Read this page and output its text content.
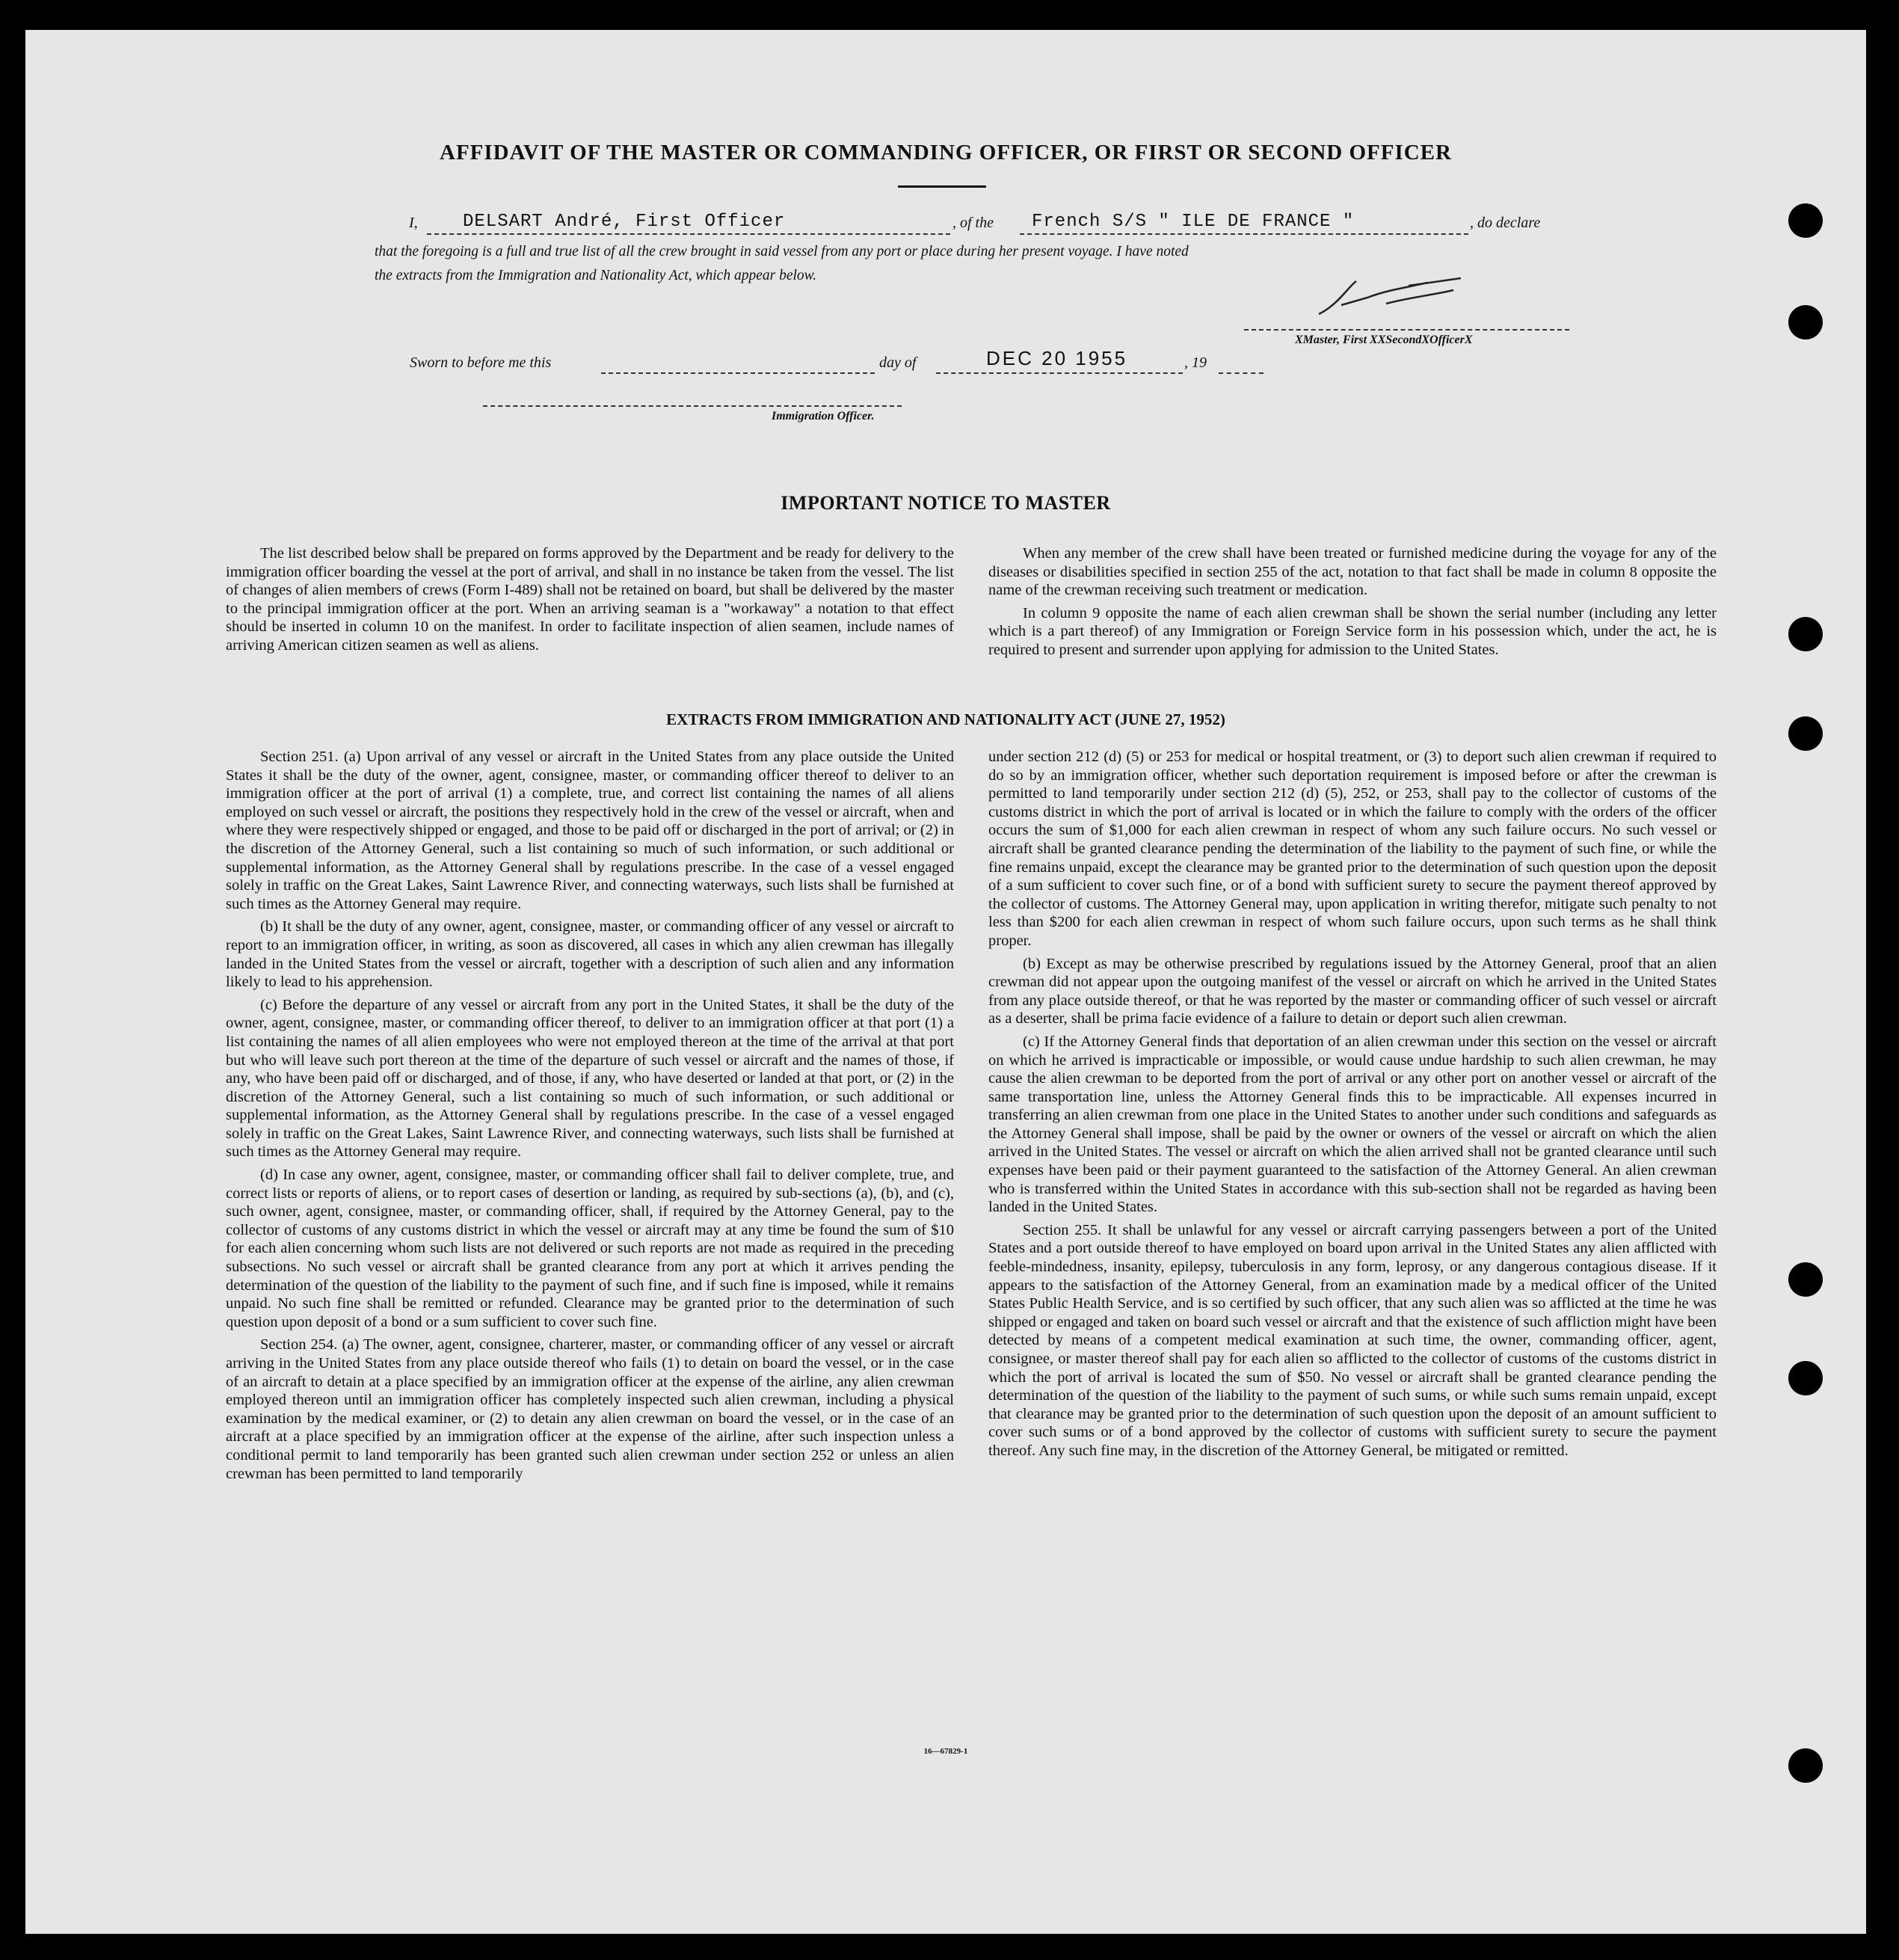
AFFIDAVIT OF THE MASTER OR COMMANDING OFFICER, OR FIRST OR SECOND OFFICER
I,	DELSART André, First Officer	, of the French S/S " ILE DE FRANCE "	, do declare
that the foregoing is a full and true list of all the crew brought in said vessel from any port or place during her present voyage. I have noted
the extracts from the Immigration and Nationality Act, which appear below.
XMaster, First XXSecondXOfficerX
Sworn to before me this	day of	DEC 20 1955	, 19
Immigration Officer.
IMPORTANT NOTICE TO MASTER

The list described below shall be prepared on forms approved by the Department and be ready for delivery to the immigration officer boarding the vessel at the port of arrival, and shall in no instance be taken from the vessel. The list of changes of alien members of crews (Form I-489) shall not be retained on board, but shall be delivered by the master to the principal immigration officer at the port. When an arriving seaman is a "workaway" a notation to that effect should be inserted in column 10 on the manifest. In order to facilitate inspection of alien seamen, include names of arriving American citizen seamen as well as aliens.

When any member of the crew shall have been treated or furnished medicine during the voyage for any of the diseases or disabilities specified in section 255 of the act, notation to that fact shall be made in column 8 opposite the name of the crewman receiving such treatment or medication.

In column 9 opposite the name of each alien crewman shall be shown the serial number (including any letter which is a part thereof) of any Immigration or Foreign Service form in his possession which, under the act, he is required to present and surrender upon applying for admission to the United States.

EXTRACTS FROM IMMIGRATION AND NATIONALITY ACT (JUNE 27, 1952)

Section 251. (a) Upon arrival of any vessel or aircraft in the United States from any place outside the United States it shall be the duty of the owner, agent, consignee, master, or commanding officer thereof to deliver to an immigration officer at the port of arrival (1) a complete, true, and correct list containing the names of all aliens employed on such vessel or aircraft, the positions they respectively hold in the crew of the vessel or aircraft, when and where they were respectively shipped or engaged, and those to be paid off or discharged in the port of arrival; or (2) in the discretion of the Attorney General, such a list containing so much of such information, or such additional or supplemental information, as the Attorney General shall by regulations prescribe. In the case of a vessel engaged solely in traffic on the Great Lakes, Saint Lawrence River, and connecting waterways, such lists shall be furnished at such times as the Attorney General may require.

(b) It shall be the duty of any owner, agent, consignee, master, or commanding officer of any vessel or aircraft to report to an immigration officer, in writing, as soon as discovered, all cases in which any alien crewman has illegally landed in the United States from the vessel or aircraft, together with a description of such alien and any information likely to lead to his apprehension.

(c) Before the departure of any vessel or aircraft from any port in the United States, it shall be the duty of the owner, agent, consignee, master, or commanding officer thereof, to deliver to an immigration officer at that port (1) a list containing the names of all alien employees who were not employed thereon at the time of the arrival at that port but who will leave such port thereon at the time of the departure of such vessel or aircraft and the names of those, if any, who have been paid off or discharged, and of those, if any, who have deserted or landed at that port, or (2) in the discretion of the Attorney General, such a list containing so much of such information, or such additional or supplemental information, as the Attorney General shall by regulations prescribe. In the case of a vessel engaged solely in traffic on the Great Lakes, Saint Lawrence River, and connecting waterways, such lists shall be furnished at such times as the Attorney General may require.

(d) In case any owner, agent, consignee, master, or commanding officer shall fail to deliver complete, true, and correct lists or reports of aliens, or to report cases of desertion or landing, as required by sub-sections (a), (b), and (c), such owner, agent, consignee, master, or commanding officer, shall, if required by the Attorney General, pay to the collector of customs of any customs district in which the vessel or aircraft may at any time be found the sum of $10 for each alien concerning whom such lists are not delivered or such reports are not made as required in the preceding subsections. No such vessel or aircraft shall be granted clearance from any port at which it arrives pending the determination of the question of the liability to the payment of such fine, and if such fine is imposed, while it remains unpaid. No such fine shall be remitted or refunded. Clearance may be granted prior to the determination of such question upon deposit of a bond or a sum sufficient to cover such fine.

Section 254. (a) The owner, agent, consignee, charterer, master, or commanding officer of any vessel or aircraft arriving in the United States from any place outside thereof who fails (1) to detain on board the vessel, or in the case of an aircraft to detain at a place specified by an immigration officer at the expense of the airline, any alien crewman employed thereon until an immigration officer has completely inspected such alien crewman, including a physical examination by the medical examiner, or (2) to detain any alien crewman on board the vessel, or in the case of an aircraft at a place specified by an immigration officer at the expense of the airline, after such inspection unless a conditional permit to land temporarily has been granted such alien crewman under section 252 or unless an alien crewman has been permitted to land temporarily

under section 212 (d) (5) or 253 for medical or hospital treatment, or (3) to deport such alien crewman if required to do so by an immigration officer, whether such deportation requirement is imposed before or after the crewman is permitted to land temporarily under section 212 (d) (5), 252, or 253, shall pay to the collector of customs of the customs district in which the port of arrival is located or in which the failure to comply with the orders of the officer occurs the sum of $1,000 for each alien crewman in respect of whom any such failure occurs. No such vessel or aircraft shall be granted clearance pending the determination of the liability to the payment of such fine, or while the fine remains unpaid, except the clearance may be granted prior to the determination of such question upon the deposit of a sum sufficient to cover such fine, or of a bond with sufficient surety to secure the payment thereof approved by the collector of customs. The Attorney General may, upon application in writing therefor, mitigate such penalty to not less than $200 for each alien crewman in respect of whom such failure occurs, upon such terms as he shall think proper.

(b) Except as may be otherwise prescribed by regulations issued by the Attorney General, proof that an alien crewman did not appear upon the outgoing manifest of the vessel or aircraft on which he arrived in the United States from any place outside thereof, or that he was reported by the master or commanding officer of such vessel or aircraft as a deserter, shall be prima facie evidence of a failure to detain or deport such alien crewman.

(c) If the Attorney General finds that deportation of an alien crewman under this section on the vessel or aircraft on which he arrived is impracticable or impossible, or would cause undue hardship to such alien crewman, he may cause the alien crewman to be deported from the port of arrival or any other port on another vessel or aircraft of the same transportation line, unless the Attorney General finds this to be impracticable. All expenses incurred in transferring an alien crewman from one place in the United States to another under such conditions and safeguards as the Attorney General shall impose, shall be paid by the owner or owners of the vessel or aircraft on which the alien arrived in the United States. The vessel or aircraft on which the alien arrived shall not be granted clearance until such expenses have been paid or their payment guaranteed to the satisfaction of the Attorney General. An alien crewman who is transferred within the United States in accordance with this sub-section shall not be regarded as having been landed in the United States.

Section 255. It shall be unlawful for any vessel or aircraft carrying passengers between a port of the United States and a port outside thereof to have employed on board upon arrival in the United States any alien afflicted with feeble-mindedness, insanity, epilepsy, tuberculosis in any form, leprosy, or any dangerous contagious disease. If it appears to the satisfaction of the Attorney General, from an examination made by a medical officer of the United States Public Health Service, and is so certified by such officer, that any such alien was so afflicted at the time he was shipped or engaged and taken on board such vessel or aircraft and that the existence of such affliction might have been detected by means of a competent medical examination at such time, the owner, commanding officer, agent, consignee, or master thereof shall pay for each alien so afflicted to the collector of customs of the customs district in which the port of arrival is located the sum of $50. No vessel or aircraft shall be granted clearance pending the determination of the question of the liability to the payment of such sums, or while such sums remain unpaid, except that clearance may be granted prior to the determination of such question upon the deposit of an amount sufficient to cover such sums or of a bond approved by the collector of customs with sufficient surety to secure the payment thereof. Any such fine may, in the discretion of the Attorney General, be mitigated or remitted.

16—67829-1
